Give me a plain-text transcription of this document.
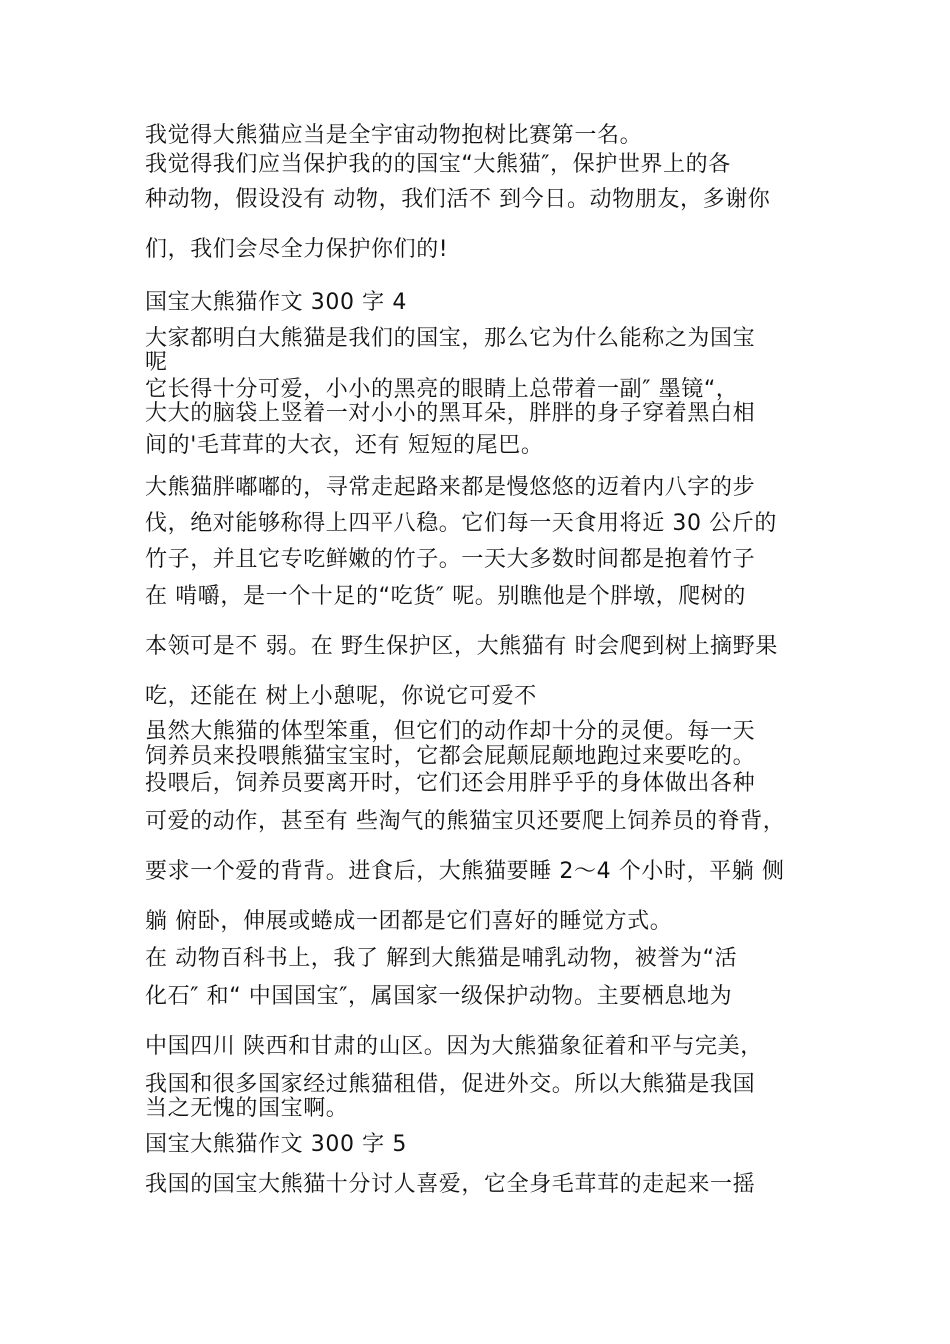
我觉得大熊猫应当是全宇宙动物抱树比赛第一名。
我觉得我们应当保护我的的国宝“大熊猫″，保护世界上的各
种动物，假设没有 动物，我们活不 到今日。动物朋友，多谢你
们，我们会尽全力保护你们的!
国宝大熊猫作文 300 字 4
大家都明白大熊猫是我们的国宝，那么它为什么能称之为国宝
呢
它长得十分可爱，小小的黑亮的眼睛上总带着一副″ 墨镜“，
大大的脑袋上竖着一对小小的黑耳朵，胖胖的身子穿着黑白相
间的'毛茸茸的大衣，还有 短短的尾巴。
大熊猫胖嘟嘟的，寻常走起路来都是慢悠悠的迈着内八字的步
伐，绝对能够称得上四平八稳。它们每一天食用将近 30 公斤的
竹子，并且它专吃鲜嫩的竹子。一天大多数时间都是抱着竹子
在 啃嚼，是一个十足的“吃货″ 呢。别瞧他是个胖墩，爬树的
本领可是不 弱。在 野生保护区，大熊猫有 时会爬到树上摘野果
吃，还能在 树上小憩呢，你说它可爱不
虽然大熊猫的体型笨重，但它们的动作却十分的灵便。每一天
饲养员来投喂熊猫宝宝时，它都会屁颠屁颠地跑过来要吃的。
投喂后，饲养员要离开时，它们还会用胖乎乎的身体做出各种
可爱的动作，甚至有 些淘气的熊猫宝贝还要爬上饲养员的脊背，
要求一个爱的背背。进食后，大熊猫要睡 2～4 个小时，平躺 侧
躺 俯卧，伸展或蜷成一团都是它们喜好的睡觉方式。
在 动物百科书上，我了 解到大熊猫是哺乳动物，被誉为“活
化石″ 和“ 中国国宝″，属国家一级保护动物。主要栖息地为
中国四川 陕西和甘肃的山区。因为大熊猫象征着和平与完美，
我国和很多国家经过熊猫租借，促进外交。所以大熊猫是我国
当之无愧的国宝啊。
国宝大熊猫作文 300 字 5
我国的国宝大熊猫十分讨人喜爱，它全身毛茸茸的走起来一摇
